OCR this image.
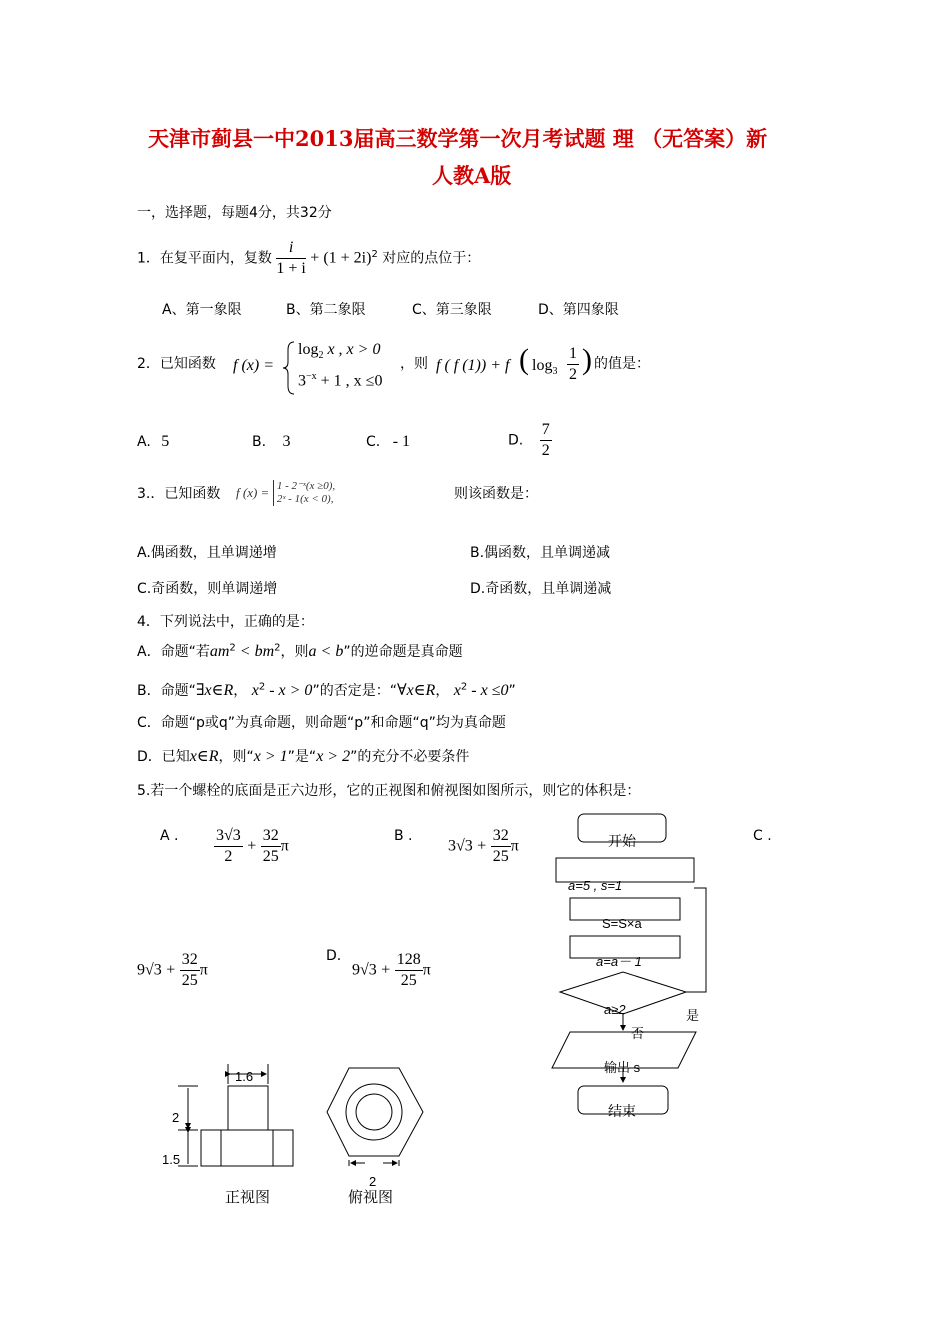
天津市蓟县一中2013届高三数学第一次月考试题 理 （无答案）新
人教A版
一，选择题，每题4分，共32分
1．在复平面内，复数 $\frac{i}{1 + i} + (1 + 2i)^2$ 对应的点位于：
A、第一象限	B、第二象限	C、第三象限	D、第四象限
2．已知函数 f (x) =
$\log_2 x$ , x > 0
$3^{-x} + 1$ , x ≤0
，则 f ( f (1)) + f ( $\log_3 \frac{1}{2}$ ) 的值是：
A. 5	B. 3	C. - 1	D. $\frac{7}{2}$
3.．已知函数 f (x) = 1 - 2⁻ˣ(x ≥0),
2ˣ - 1(x < 0),	则该函数是：
A.偶函数，且单调递增	B.偶函数，且单调递减
C.奇函数，则单调递增	D.奇函数，且单调递减
4．下列说法中，正确的是：
A．命题“若$am^2 < bm^2$，则a < b”的逆命题是真命题
B．命题“∃x∈R， $x^2 - x > 0$”的否定是：“∀x∈R， $x^2 - x \le 0$”
C．命题“p或q”为真命题，则命题“p”和命题“q”均为真命题
D．已知x∈R，则“x > 1”是“x > 2”的充分不必要条件
5.若一个螺栓的底面是正六边形，它的正视图和俯视图如图所示，则它的体积是：
A . $\frac{3√3}{2} + \frac{32}{25}$ π
B .
$3√3 + \frac{32}{25}$ π
C .
$9√3 + \frac{32}{25}$ π
D.
$9√3 + \frac{128}{25}$ π
开始
a=5 , s=1
S=S×a
a=a－ 1
a≥2	是
否
输出 s
结束
1.6
2
1.5
正视图
2
俯视图
